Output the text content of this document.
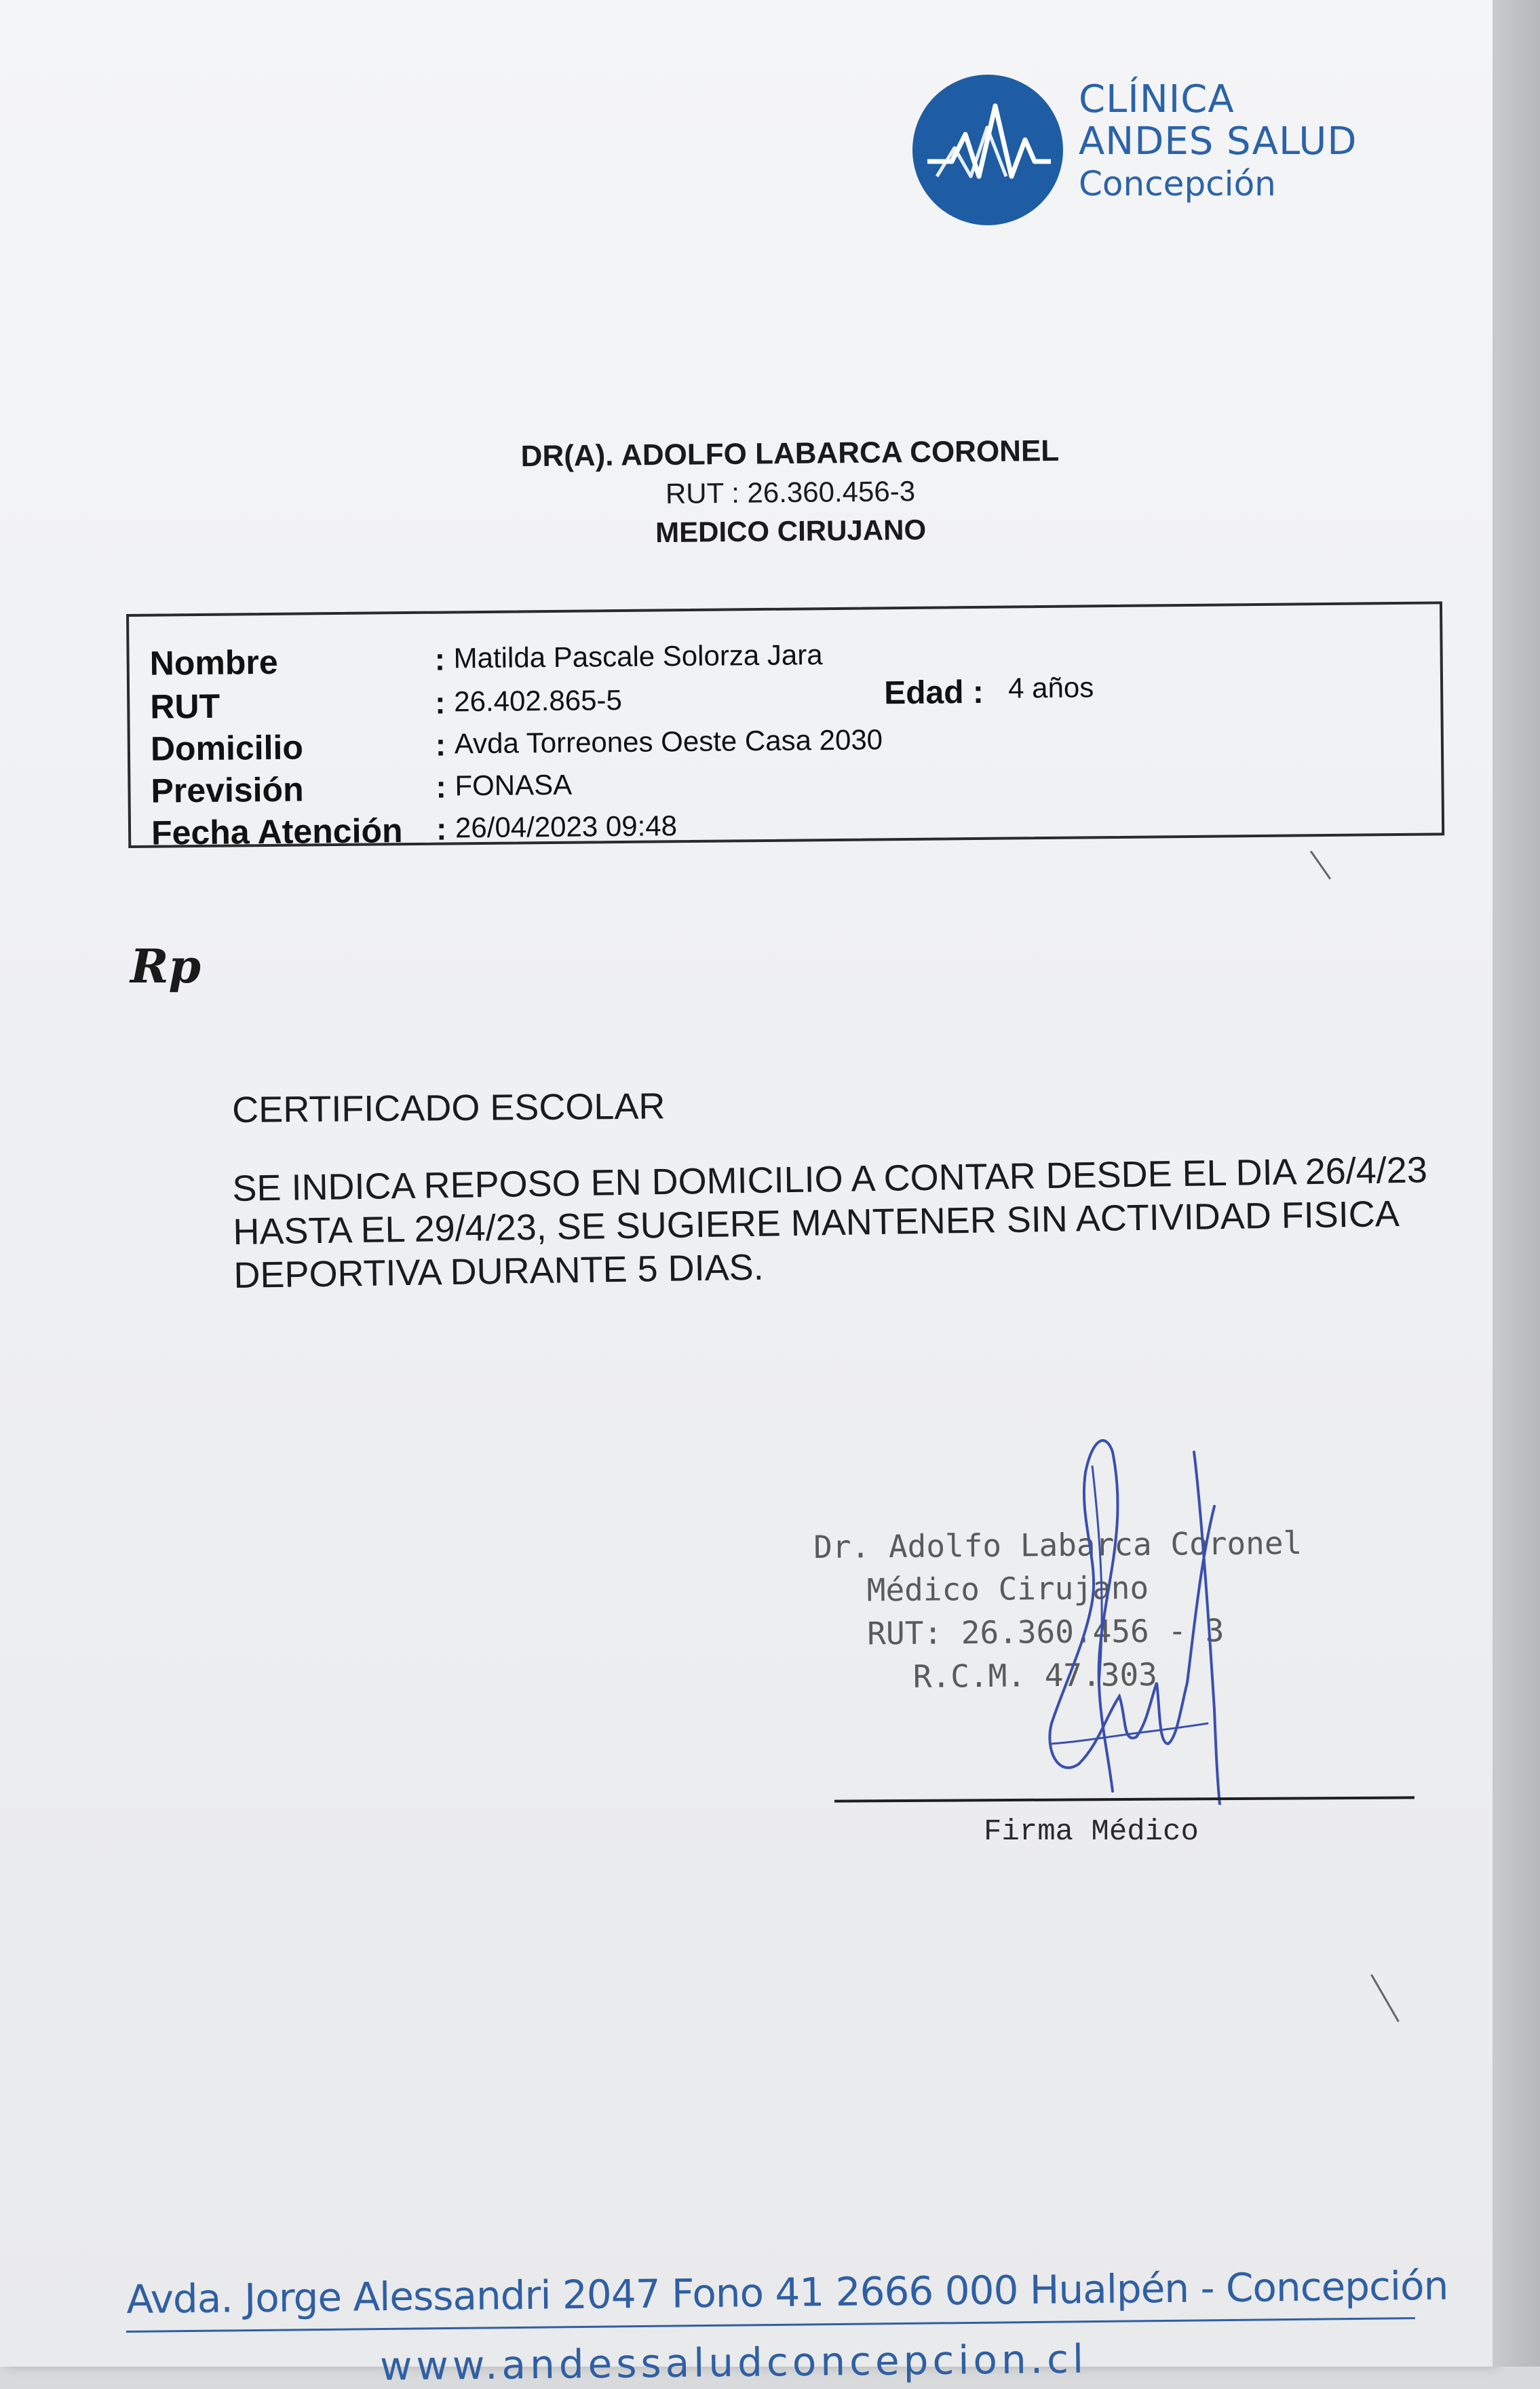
CLÍNICA
ANDES SALUD
Concepción
DR(A). ADOLFO LABARCA CORONEL
RUT : 26.360.456-3
MEDICO CIRUJANO
Nombre	: Matilda Pascale Solorza Jara
RUT	: 26.402.865-5	Edad : 4 años
Domicilio	: Avda Torreones Oeste Casa 2030
Previsión	: FONASA
Fecha Atención : 26/04/2023 09:48
Rp
CERTIFICADO ESCOLAR
SE INDICA REPOSO EN DOMICILIO A CONTAR DESDE EL DIA 26/4/23
HASTA EL 29/4/23, SE SUGIERE MANTENER SIN ACTIVIDAD FISICA
DEPORTIVA DURANTE 5 DIAS.
Dr. Adolfo Labarca Coronel
Médico Cirujano
RUT: 26.360.456 - 3
R.C.M. 47.303
Firma Médico
Avda. Jorge Alessandri 2047 Fono 41 2666 000 Hualpén - Concepción
www.andessaludconcepcion.cl
